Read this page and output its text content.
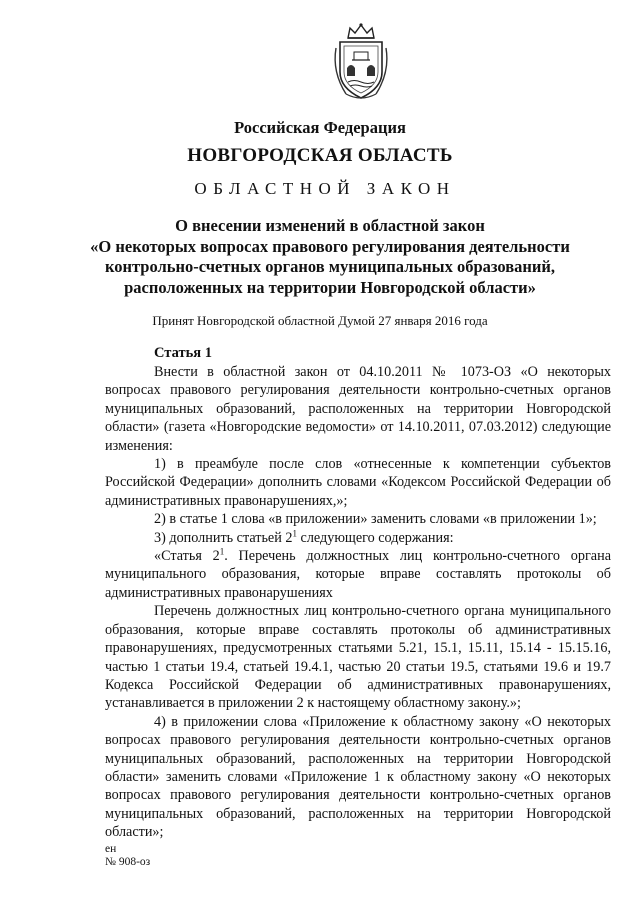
Российская Федерация

НОВГОРОДСКАЯ ОБЛАСТЬ

ОБЛАСТНОЙ ЗАКОН

О внесении изменений в областной закон
«О некоторых вопросах правового регулирования деятельности контрольно-счетных органов муниципальных образований, расположенных на территории Новгородской области»
Принят Новгородской областной Думой 27 января 2016 года

Статья 1

Внести в областной закон от 04.10.2011 № 1073-ОЗ «О некоторых вопросах правового регулирования деятельности контрольно-счетных органов муниципальных образований, расположенных на территории Новгородской области» (газета «Новгородские ведомости» от 14.10.2011, 07.03.2012) следующие изменения:

1) в преамбуле после слов «отнесенные к компетенции субъектов Российской Федерации» дополнить словами «Кодексом Российской Федерации об административных правонарушениях,»;

2) в статье 1 слова «в приложении» заменить словами «в приложении 1»;

3) дополнить статьей $2^1$ следующего содержания:

«Статья $2^1$. Перечень должностных лиц контрольно-счетного органа муниципального образования, которые вправе составлять протоколы об административных правонарушениях

Перечень должностных лиц контрольно-счетного органа муниципального образования, которые вправе составлять протоколы об административных правонарушениях, предусмотренных статьями 5.21, 15.1, 15.11, 15.14 - 15.15.16, частью 1 статьи 19.4, статьей 19.4.1, частью 20 статьи 19.5, статьями 19.6 и 19.7 Кодекса Российской Федерации об административных правонарушениях, устанавливается в приложении 2 к настоящему областному закону.»;

4) в приложении слова «Приложение к областному закону «О некоторых вопросах правового регулирования деятельности контрольно-счетных органов муниципальных образований, расположенных на территории Новгородской области» заменить словами «Приложение 1 к областному закону «О некоторых вопросах правового регулирования деятельности контрольно-счетных органов муниципальных образований, расположенных на территории Новгородской области»;

ен
№ 908-оз
